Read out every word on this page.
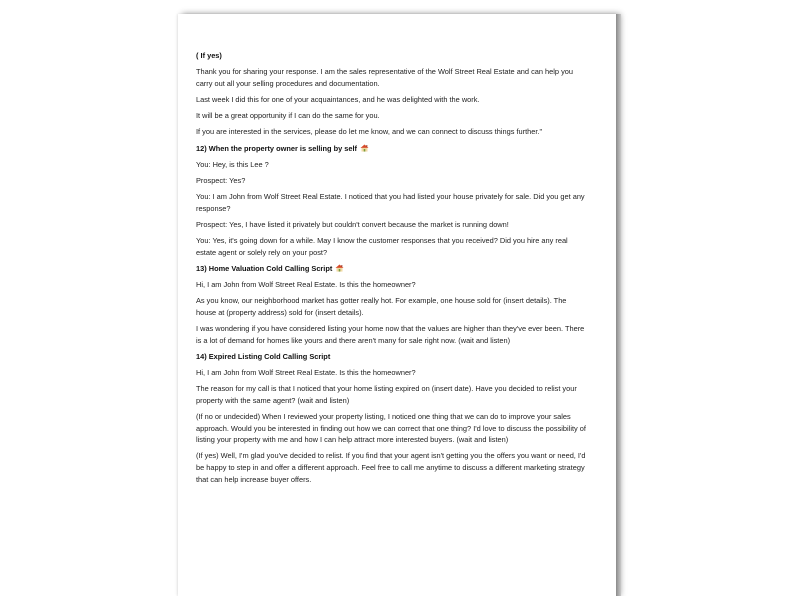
( If yes)

Thank you for sharing your response. I am the sales representative of the Wolf Street Real Estate and can help you carry out all your selling procedures and documentation.

Last week I did this for one of your acquaintances, and he was delighted with the work.

It will be a great opportunity if I can do the same for you.

If you are interested in the services, please do let me know, and we can connect to discuss things further."

12) When the property owner is selling by self

You: Hey, is this Lee ?

Prospect: Yes?

You: I am John from Wolf Street Real Estate. I noticed that you had listed your house privately for sale. Did you get any response?

Prospect: Yes, I have listed it privately but couldn't convert because the market is running down!

You: Yes, it's going down for a while. May I know the customer responses that you received? Did you hire any real estate agent or solely rely on your post?

13) Home Valuation Cold Calling Script

Hi, I am John from Wolf Street Real Estate. Is this the homeowner?

As you know, our neighborhood market has gotter really hot. For example, one house sold for (insert details). The house at (property address) sold for (insert details).

I was wondering if you have considered listing your home now that the values are higher than they've ever been. There is a lot of demand for homes like yours and there aren't many for sale right now. (wait and listen)

14) Expired Listing Cold Calling Script

Hi, I am John from Wolf Street Real Estate. Is this the homeowner?

The reason for my call is that I noticed that your home listing expired on (insert date). Have you decided to relist your property with the same agent? (wait and listen)

(If no or undecided) When I reviewed your property listing, I noticed one thing that we can do to improve your sales approach. Would you be interested in finding out how we can correct that one thing? I'd love to discuss the possibility of listing your property with me and how I can help attract more interested buyers. (wait and listen)

(If yes) Well, I'm glad you've decided to relist. If you find that your agent isn't getting you the offers you want or need, I'd be happy to step in and offer a different approach. Feel free to call me anytime to discuss a different marketing strategy that can help increase buyer offers.
